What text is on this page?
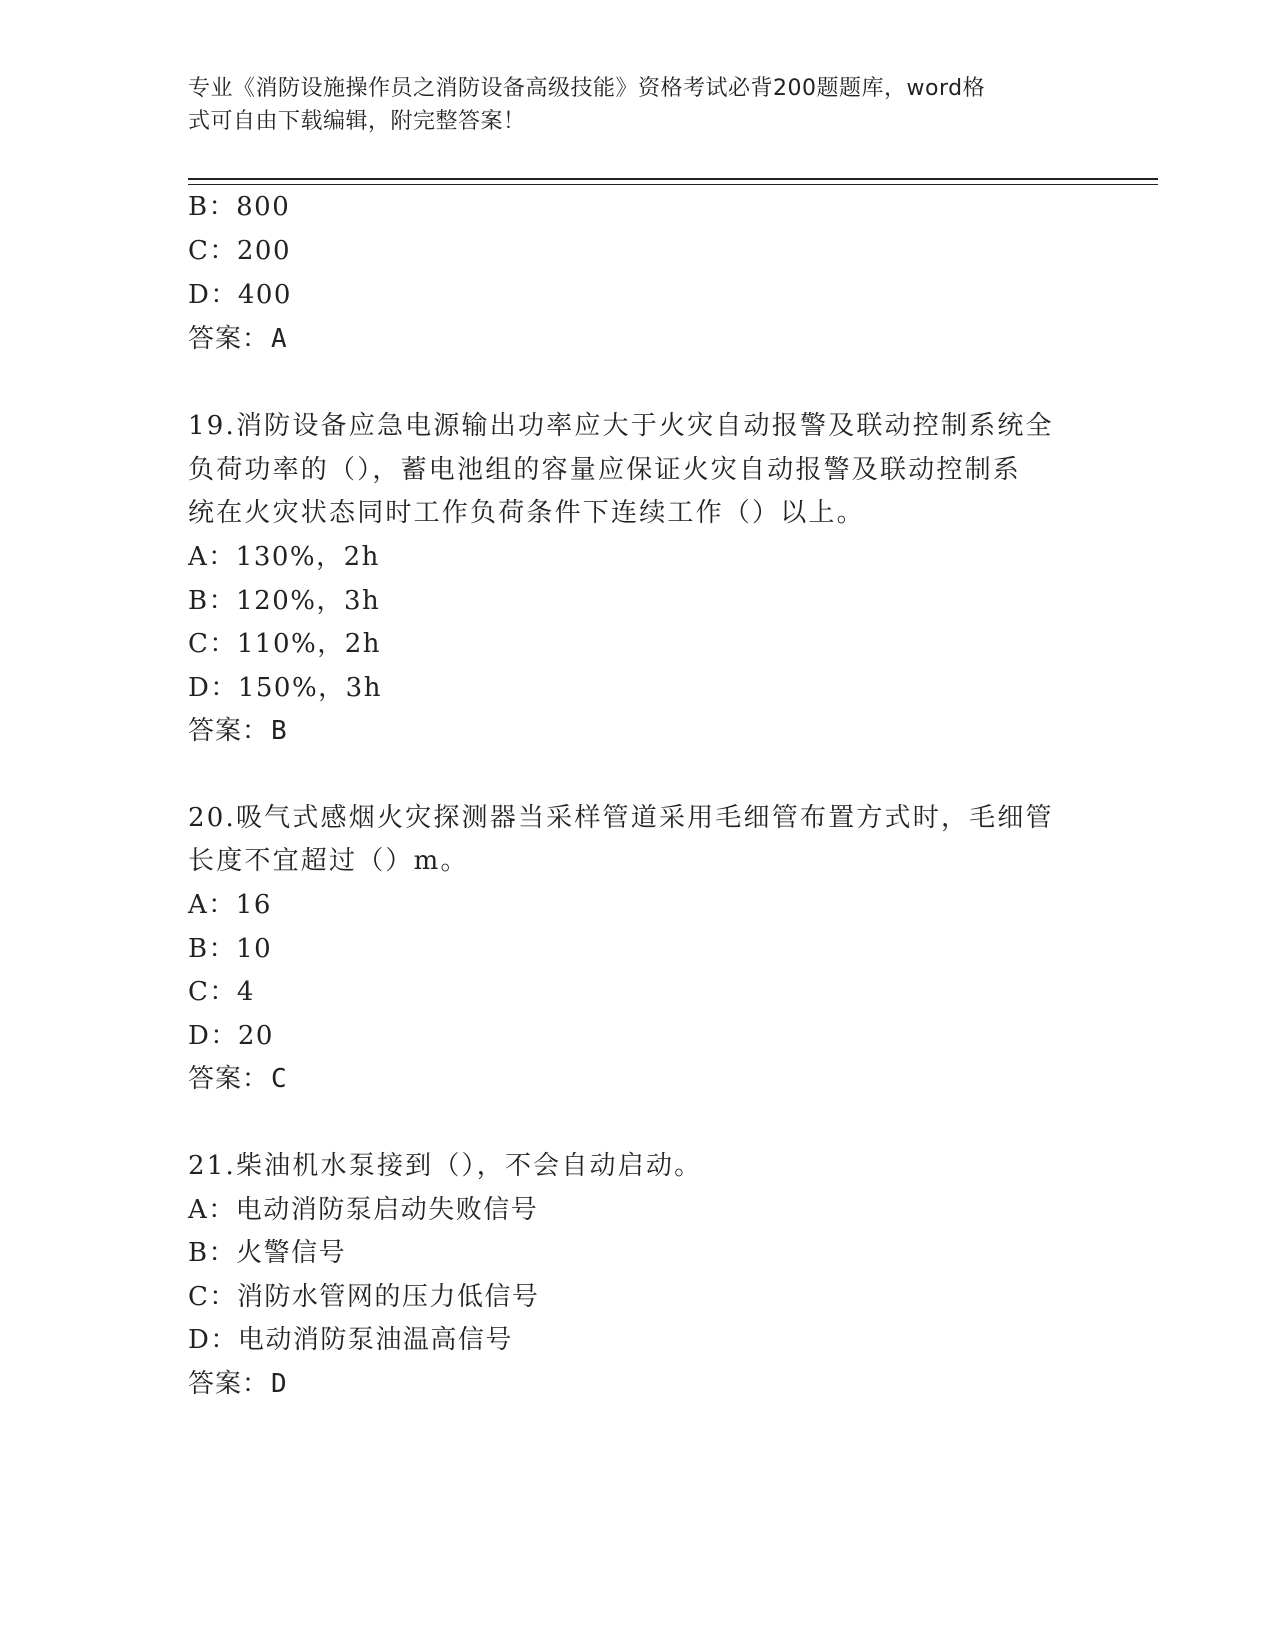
专业《消防设施操作员之消防设备高级技能》资格考试必背200题题库，word格
式可自由下载编辑，附完整答案！
B：800
C：200
D：400
答案：A
19.消防设备应急电源输出功率应大于火灾自动报警及联动控制系统全
负荷功率的（），蓄电池组的容量应保证火灾自动报警及联动控制系
统在火灾状态同时工作负荷条件下连续工作（）以上。
A：130%，2h
B：120%，3h
C：110%，2h
D：150%，3h
答案：B
20.吸气式感烟火灾探测器当采样管道采用毛细管布置方式时，毛细管
长度不宜超过（）m。
A：16
B：10
C：4
D：20
答案：C
21.柴油机水泵接到（），不会自动启动。
A：电动消防泵启动失败信号
B：火警信号
C：消防水管网的压力低信号
D：电动消防泵油温高信号
答案：D
